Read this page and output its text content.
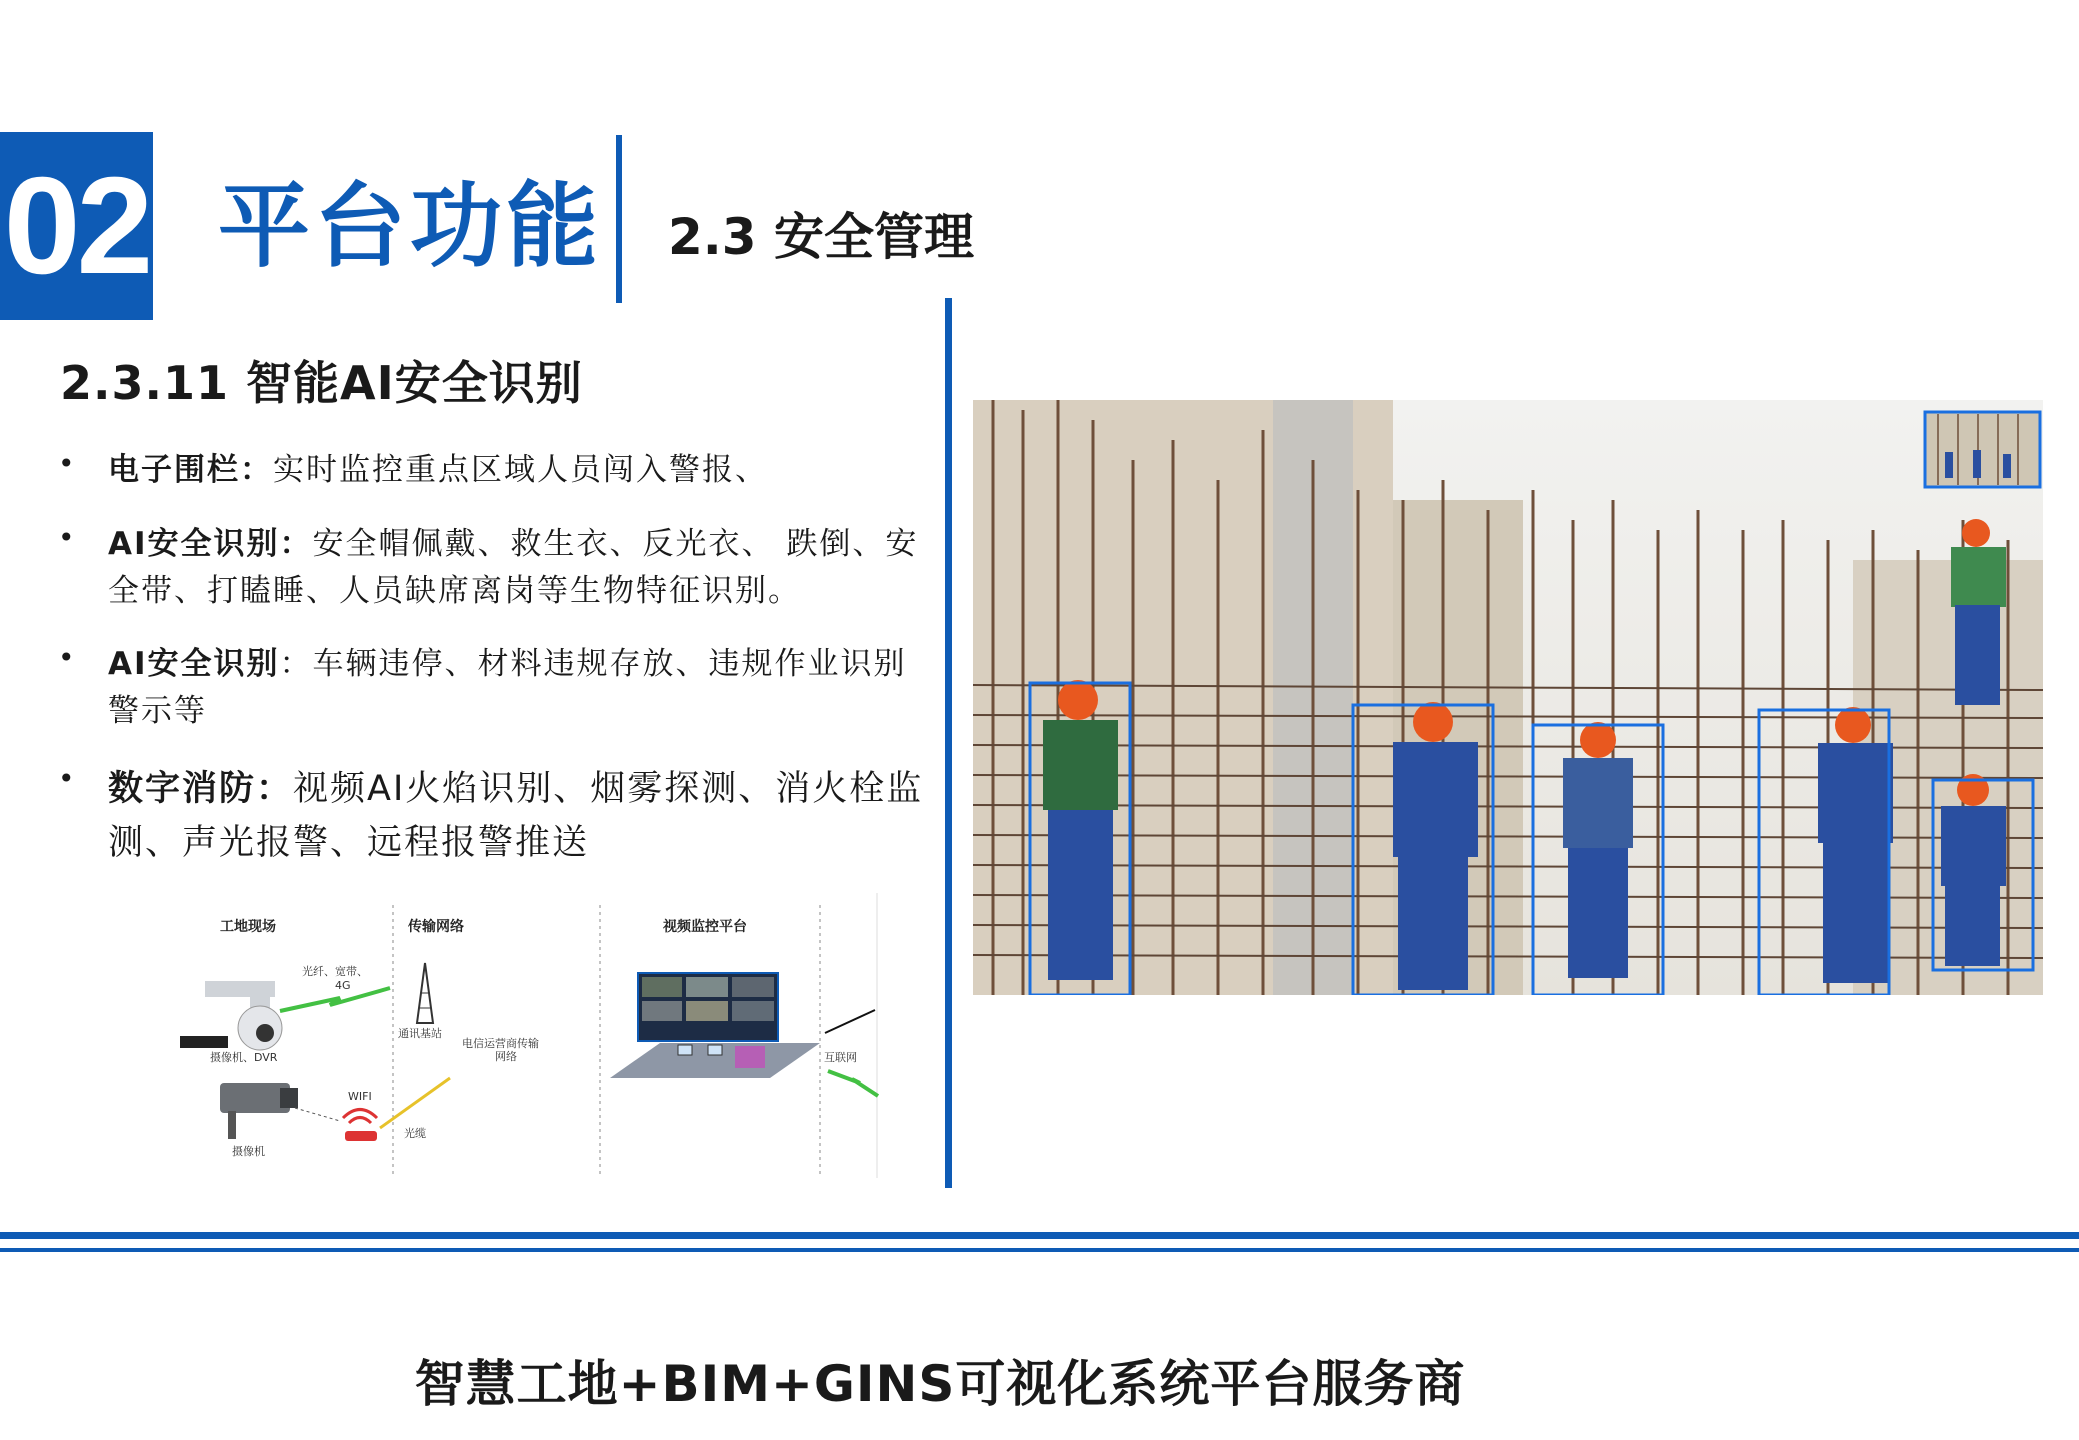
02 平台功能 2.3 安全管理
2.3.11 智能AI安全识别
• 电子围栏：实时监控重点区域人员闯入警报、
• AI安全识别：安全帽佩戴、救生衣、反光衣、 跌倒、安全带、打瞌睡、人员缺席离岗等生物特征识别。
• AI安全识别：车辆违停、材料违规存放、违规作业识别警示等
• 数字消防：视频AI火焰识别、烟雾探测、消火栓监测、声光报警、远程报警推送
工地现场	传输网络	视频监控平台
摄像机、DVR
光纤、宽带、
4G
通讯基站
电信运营商传输
网络
摄像机
WIFI
光缆
互联网
智慧工地+BIM+GINS可视化系统平台服务商
